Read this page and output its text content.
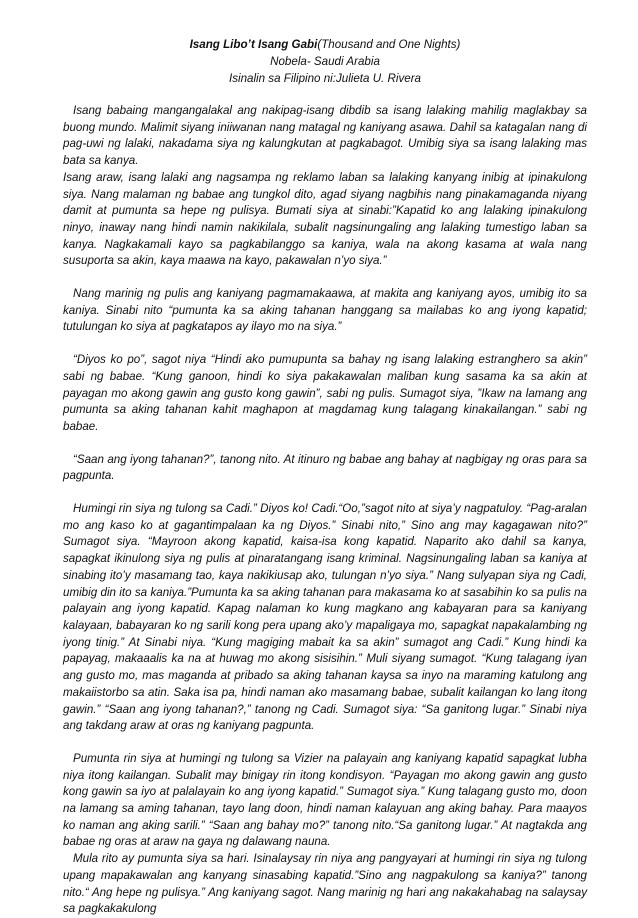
Isang Libo’t Isang Gabi(Thousand and One Nights)
Nobela- Saudi Arabia
Isinalin sa Filipino ni:Julieta U. Rivera

Isang babaing mangangalakal ang nakipag-isang dibdib sa isang lalaking mahilig maglakbay sa buong mundo. Malimit siyang iniiwanan nang matagal ng kaniyang asawa. Dahil sa katagalan nang di pag-uwi ng lalaki, nakadama siya ng kalungkutan at pagkabagot. Umibig siya sa isang lalaking mas bata sa kanya.

Isang araw, isang lalaki ang nagsampa ng reklamo laban sa lalaking kanyang inibig at ipinakulong siya. Nang malaman ng babae ang tungkol dito, agad siyang nagbihis nang pinakamaganda niyang damit at pumunta sa hepe ng pulisya. Bumati siya at sinabi:”Kapatid ko ang lalaking ipinakulong ninyo, inaway nang hindi namin nakikilala, subalit nagsinungaling ang lalaking tumestigo laban sa kanya. Nagkakamali kayo sa pagkabilanggo sa kaniya, wala na akong kasama at wala nang susuporta sa akin, kaya maawa na kayo, pakawalan n’yo siya.”

Nang marinig ng pulis ang kaniyang pagmamakaawa, at makita ang kaniyang ayos, umibig ito sa kaniya. Sinabi nito “pumunta ka sa aking tahanan hanggang sa mailabas ko ang iyong kapatid; tutulungan ko siya at pagkatapos ay ilayo mo na siya.”

“Diyos ko po”, sagot niya “Hindi ako pumupunta sa bahay ng isang lalaking estranghero sa akin” sabi ng babae. “Kung ganoon, hindi ko siya pakakawalan maliban kung sasama ka sa akin at payagan mo akong gawin ang gusto kong gawin”, sabi ng pulis. Sumagot siya, ”Ikaw na lamang ang pumunta sa aking tahanan kahit maghapon at magdamag kung talagang kinakailangan.” sabi ng babae.

“Saan ang iyong tahanan?”, tanong nito. At itinuro ng babae ang bahay at nagbigay ng oras para sa pagpunta.

Humingi rin siya ng tulong sa Cadi.” Diyos ko! Cadi.“Oo,”sagot nito at siya’y nagpatuloy. “Pag-aralan mo ang kaso ko at gagantimpalaan ka ng Diyos.” Sinabi nito,” Sino ang may kagagawan nito?” Sumagot siya. “Mayroon akong kapatid, kaisa-isa kong kapatid. Naparito ako dahil sa kanya, sapagkat ikinulong siya ng pulis at pinaratangang isang kriminal. Nagsinungaling laban sa kaniya at sinabing ito’y masamang tao, kaya nakikiusap ako, tulungan n’yo siya.” Nang sulyapan siya ng Cadi, umibig din ito sa kaniya.”Pumunta ka sa aking tahanan para makasama ko at sasabihin ko sa pulis na palayain ang iyong kapatid. Kapag nalaman ko kung magkano ang kabayaran para sa kaniyang kalayaan, babayaran ko ng sarili kong pera upang ako’y mapaligaya mo, sapagkat napakalambing ng iyong tinig.” At Sinabi niya. “Kung magiging mabait ka sa akin” sumagot ang Cadi.” Kung hindi ka papayag, makaaalis ka na at huwag mo akong sisisihin.” Muli siyang sumagot. “Kung talagang iyan ang gusto mo, mas maganda at pribado sa aking tahanan kaysa sa inyo na maraming katulong ang makaiistorbo sa atin. Saka isa pa, hindi naman ako masamang babae, subalit kailangan ko lang itong gawin.” “Saan ang iyong tahanan?,” tanong ng Cadi. Sumagot siya: “Sa ganitong lugar.” Sinabi niya ang takdang araw at oras ng kaniyang pagpunta.

Pumunta rin siya at humingi ng tulong sa Vizier na palayain ang kaniyang kapatid sapagkat lubha niya itong kailangan. Subalit may binigay rin itong kondisyon. “Payagan mo akong gawin ang gusto kong gawin sa iyo at palalayain ko ang iyong kapatid.” Sumagot siya.” Kung talagang gusto mo, doon na lamang sa aming tahanan, tayo lang doon, hindi naman kalayuan ang aking bahay. Para maayos ko naman ang aking sarili.” “Saan ang bahay mo?” tanong nito.“Sa ganitong lugar.” At nagtakda ang babae ng oras at araw na gaya ng dalawang nauna.

Mula rito ay pumunta siya sa hari. Isinalaysay rin niya ang pangyayari at humingi rin siya ng tulong upang mapakawalan ang kanyang sinasabing kapatid.”Sino ang nagpakulong sa kaniya?” tanong nito.“ Ang hepe ng pulisya.” Ang kaniyang sagot. Nang marinig ng hari ang nakakahabag na salaysay sa pagkakakulong
